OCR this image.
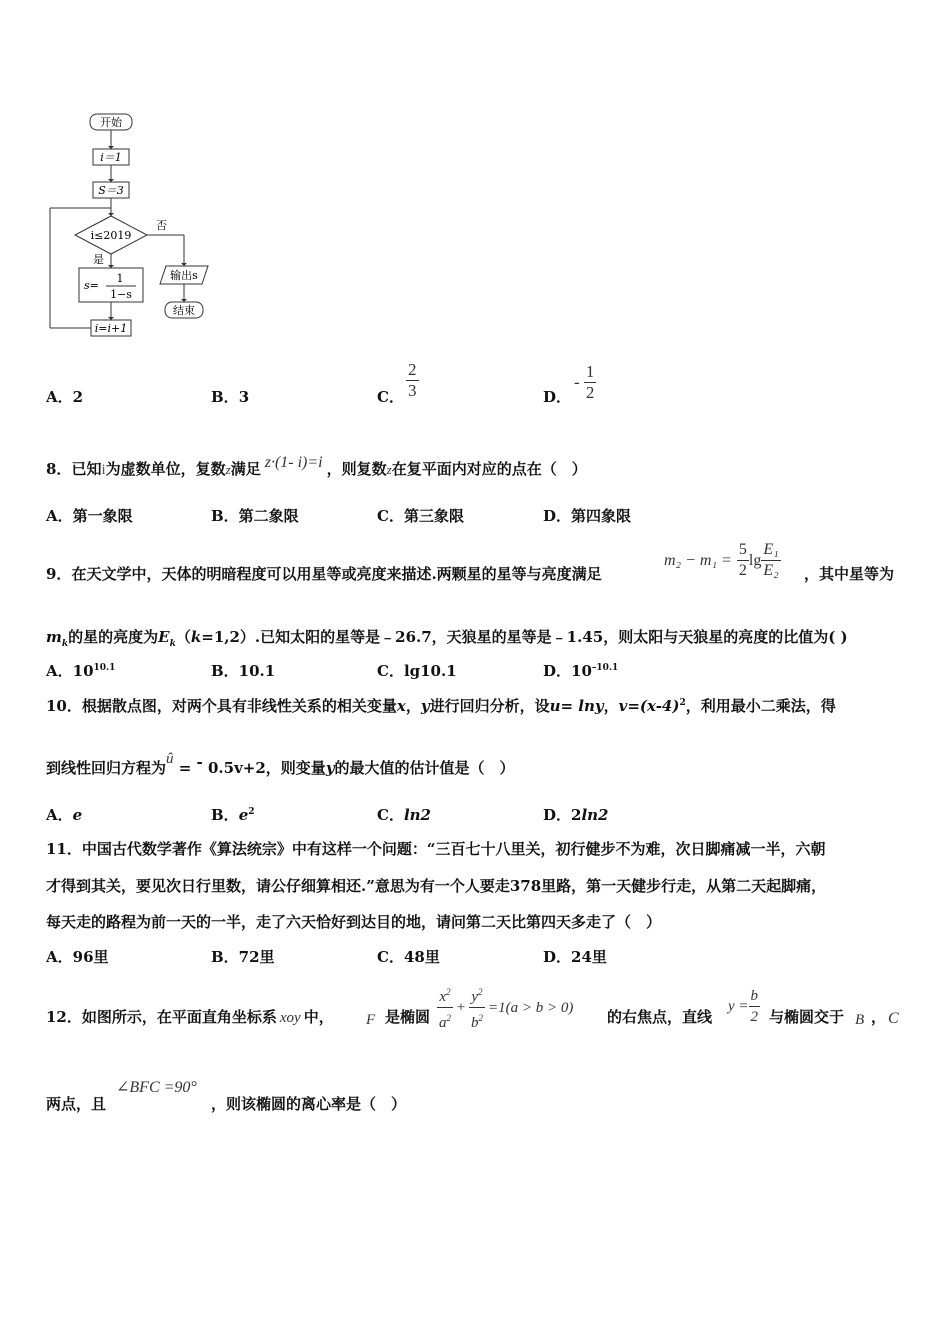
开始
i＝1
S＝3
i≤2019
否
是
s=
1
1−s
输出s
结束
i=i+1
A．2	B．3	C． $\frac{2}{3}$	D．
- $\frac{1}{2}$
8．已知i为虚数单位，复数z满足 z·(1- i)=i ，则复数z在复平面内对应的点在（　）
A．第一象限	B．第二象限	C．第三象限	D．第四象限
9．在天文学中，天体的明暗程度可以用星等或亮度来描述.两颗星的星等与亮度满足
$m_2 - m_1 = \frac{5}{2}$ $\lg \frac{\text{E₁}}{\text{E₂}}$ ，其中星等为
$m_k$的星的亮度为$E_k(k=1,2)$.已知太阳的星等是﹣26.7，天狼星的星等是﹣1.45，则太阳与天狼星的亮度的比值为( )
A．$10^{10.1}$	B．10.1	C．lg10.1	D．$10^{-10.1}$
10．根据散点图，对两个具有非线性关系的相关变量x，y进行回归分析，设u= lny，$v=(x-4)^2$，利用最小二乘法，得
到线性回归方程为û = - 0.5v+2，则变量y的最大值的估计值是（　）
A．e	B．$e^2$	C．ln2	D．2ln2
11．中国古代数学著作《算法统宗》中有这样一个问题：“三百七十八里关，初行健步不为难，次日脚痛减一半，六朝
才得到其关，要见次日行里数，请公仔细算相还.”意思为有一个人要走378里路，第一天健步行走，从第二天起脚痛，
每天走的路程为前一天的一半，走了六天恰好到达目的地，请问第二天比第四天多走了（　）
A．96里	B．72里	C．48里	D．24里
12．如图所示，在平面直角坐标系 xoy 中， F 是椭圆 $\frac{x^2}{a^2} + \frac{y^2}{b^2} =1(a > b > 0)$
的右焦点，直线
$y = \frac{b}{2}$ 与椭圆交于 B ， C
两点，且
∠BFC =90°
，则该椭圆的离心率是（　）
